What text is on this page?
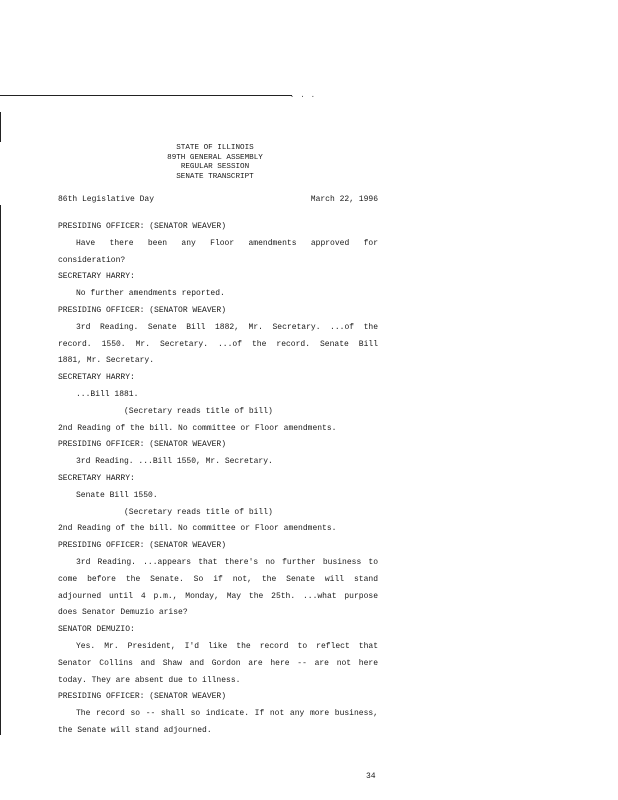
. . .
STATE OF ILLINOIS
89TH GENERAL ASSEMBLY
REGULAR SESSION
SENATE TRANSCRIPT
86th Legislative Day	March 22, 1996
PRESIDING OFFICER: (SENATOR WEAVER)
Have there been any Floor amendments approved for
consideration?
SECRETARY HARRY:
No further amendments reported.
PRESIDING OFFICER: (SENATOR WEAVER)
3rd Reading. Senate Bill 1882, Mr. Secretary. ...of the
record. 1550. Mr. Secretary. ...of the record. Senate Bill
1881, Mr. Secretary.
SECRETARY HARRY:
...Bill 1881.
(Secretary reads title of bill)
2nd Reading of the bill. No committee or Floor amendments.
PRESIDING OFFICER: (SENATOR WEAVER)
3rd Reading. ...Bill 1550, Mr. Secretary.
SECRETARY HARRY:
Senate Bill 1550.
(Secretary reads title of bill)
2nd Reading of the bill. No committee or Floor amendments.
PRESIDING OFFICER: (SENATOR WEAVER)
3rd Reading. ...appears that there's no further business to
come before the Senate. So if not, the Senate will stand
adjourned until 4 p.m., Monday, May the 25th. ...what purpose
does Senator Demuzio arise?
SENATOR DEMUZIO:
Yes. Mr. President, I'd like the record to reflect that
Senator Collins and Shaw and Gordon are here -- are not here
today. They are absent due to illness.
PRESIDING OFFICER: (SENATOR WEAVER)
The record so -- shall so indicate. If not any more business,
the Senate will stand adjourned.
34
